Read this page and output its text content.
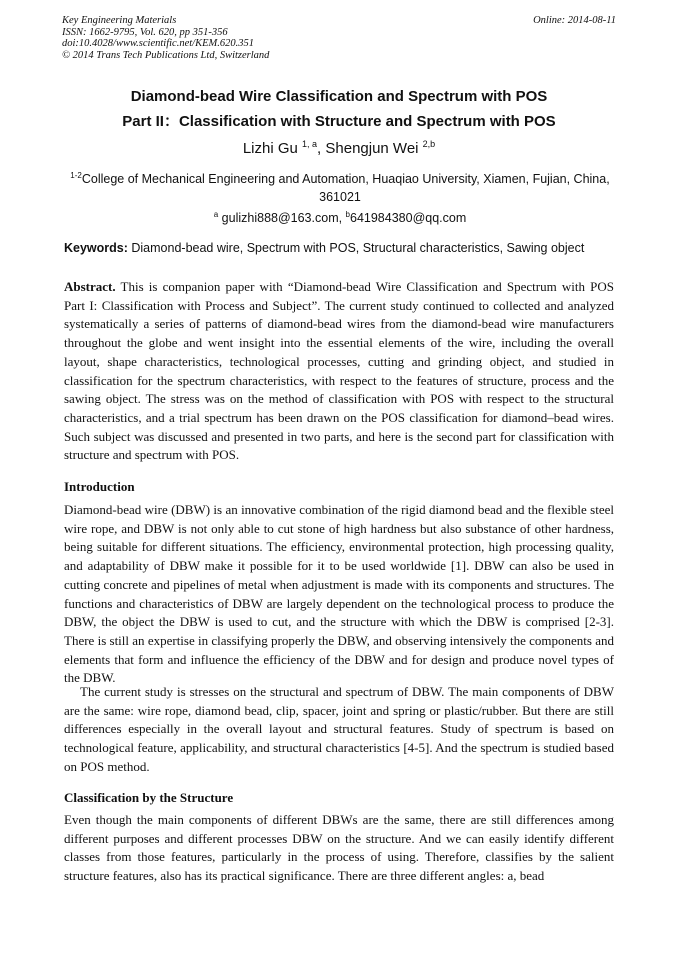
Key Engineering Materials
ISSN: 1662-9795, Vol. 620, pp 351-356
doi:10.4028/www.scientific.net/KEM.620.351
© 2014 Trans Tech Publications Ltd, Switzerland
Online: 2014-08-11
Diamond-bead Wire Classification and Spectrum with POS
Part II：Classification with Structure and Spectrum with POS
Lizhi Gu $^{1, a}$, Shengjun Wei $^{2,b}$
$^{1-2}$College of Mechanical Engineering and Automation, Huaqiao University, Xiamen, Fujian, China, 361021
$^a$ gulizhi888@163.com, $^b$641984380@qq.com
Keywords: Diamond-bead wire, Spectrum with POS, Structural characteristics, Sawing object
Abstract. This is companion paper with “Diamond-bead Wire Classification and Spectrum with POS Part I: Classification with Process and Subject”. The current study continued to collected and analyzed systematically a series of patterns of diamond-bead wires from the diamond-bead wire manufacturers throughout the globe and went insight into the essential elements of the wire, including the overall layout, shape characteristics, technological processes, cutting and grinding object, and studied in classification for the spectrum characteristics, with respect to the features of structure, process and the sawing object. The stress was on the method of classification with POS with respect to the structural characteristics, and a trial spectrum has been drawn on the POS classification for diamond–bead wires. Such subject was discussed and presented in two parts, and here is the second part for classification with structure and spectrum with POS.
Introduction
Diamond-bead wire (DBW) is an innovative combination of the rigid diamond bead and the flexible steel wire rope, and DBW is not only able to cut stone of high hardness but also substance of other hardness, being suitable for different situations. The efficiency, environmental protection, high processing quality, and adaptability of DBW make it possible for it to be used worldwide [1]. DBW can also be used in cutting concrete and pipelines of metal when adjustment is made with its components and structures. The functions and characteristics of DBW are largely dependent on the technological process to produce the DBW, the object the DBW is used to cut, and the structure with which the DBW is comprised [2-3]. There is still an expertise in classifying properly the DBW, and observing intensively the components and elements that form and influence the efficiency of the DBW and for design and produce novel types of the DBW.
The current study is stresses on the structural and spectrum of DBW. The main components of DBW are the same: wire rope, diamond bead, clip, spacer, joint and spring or plastic/rubber. But there are still differences especially in the overall layout and structural features. Study of spectrum is based on technological feature, applicability, and structural characteristics [4-5]. And the spectrum is studied based on POS method.
Classification by the Structure
Even though the main components of different DBWs are the same, there are still differences among different purposes and different processes DBW on the structure. And we can easily identify different classes from those features, particularly in the process of using. Therefore, classifies by the salient structure features, also has its practical significance. There are three different angles: a, bead
